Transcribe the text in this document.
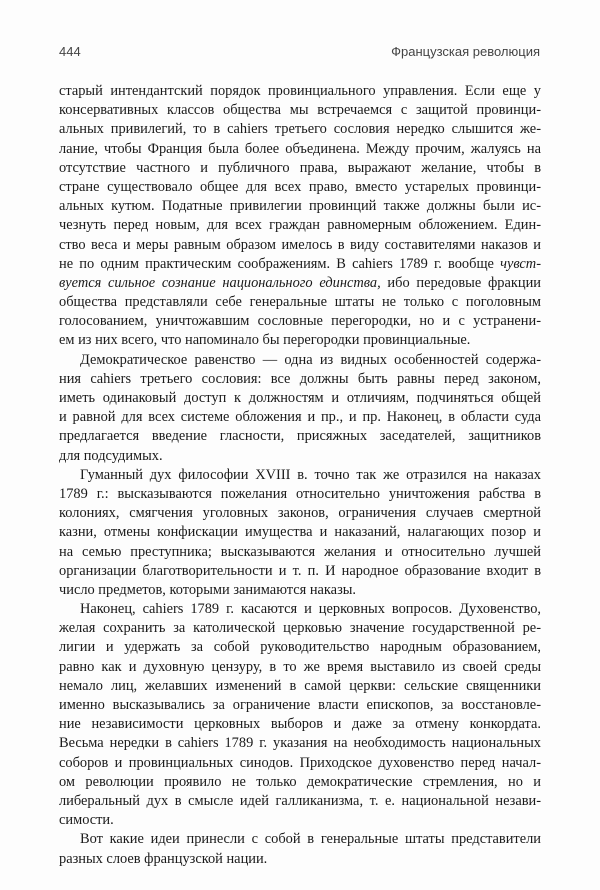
444	Французская революция
старый интендантский порядок провинциального управления. Если еще у
консервативных классов общества мы встречаемся с защитой провинци-
альных привилегий, то в cahiers третьего сословия нередко слышится же-
лание, чтобы Франция была более объединена. Между прочим, жалуясь на
отсутствие частного и публичного права, выражают желание, чтобы в
стране существовало общее для всех право, вместо устарелых провинци-
альных кутюм. Податные привилегии провинций также должны были ис-
чезнуть перед новым, для всех граждан равномерным обложением. Един-
ство веса и меры равным образом имелось в виду составителями наказов и
не по одним практическим соображениям. В cahiers 1789 г. вообще чувст-
вуется сильное сознание национального единства, ибо передовые фракции
общества представляли себе генеральные штаты не только с поголовным
голосованием, уничтожавшим сословные перегородки, но и с устранени-
ем из них всего, что напоминало бы перегородки провинциальные.
Демократическое равенство — одна из видных особенностей содержа-
ния cahiers третьего сословия: все должны быть равны перед законом,
иметь одинаковый доступ к должностям и отличиям, подчиняться общей
и равной для всех системе обложения и пр., и пр. Наконец, в области суда
предлагается введение гласности, присяжных заседателей, защитников
для подсудимых.
Гуманный дух философии XVIII в. точно так же отразился на наказах
1789 г.: высказываются пожелания относительно уничтожения рабства в
колониях, смягчения уголовных законов, ограничения случаев смертной
казни, отмены конфискации имущества и наказаний, налагающих позор и
на семью преступника; высказываются желания и относительно лучшей
организации благотворительности и т. п. И народное образование входит в
число предметов, которыми занимаются наказы.
Наконец, cahiers 1789 г. касаются и церковных вопросов. Духовенство,
желая сохранить за католической церковью значение государственной ре-
лигии и удержать за собой руководительство народным образованием,
равно как и духовную цензуру, в то же время выставило из своей среды
немало лиц, желавших изменений в самой церкви: сельские священники
именно высказывались за ограничение власти епископов, за восстановле-
ние независимости церковных выборов и даже за отмену конкордата.
Весьма нередки в cahiers 1789 г. указания на необходимость национальных
соборов и провинциальных синодов. Приходское духовенство перед начал-
ом революции проявило не только демократические стремления, но и
либеральный дух в смысле идей галликанизма, т. е. национальной незави-
симости.
Вот какие идеи принесли с собой в генеральные штаты представители
разных слоев французской нации.
